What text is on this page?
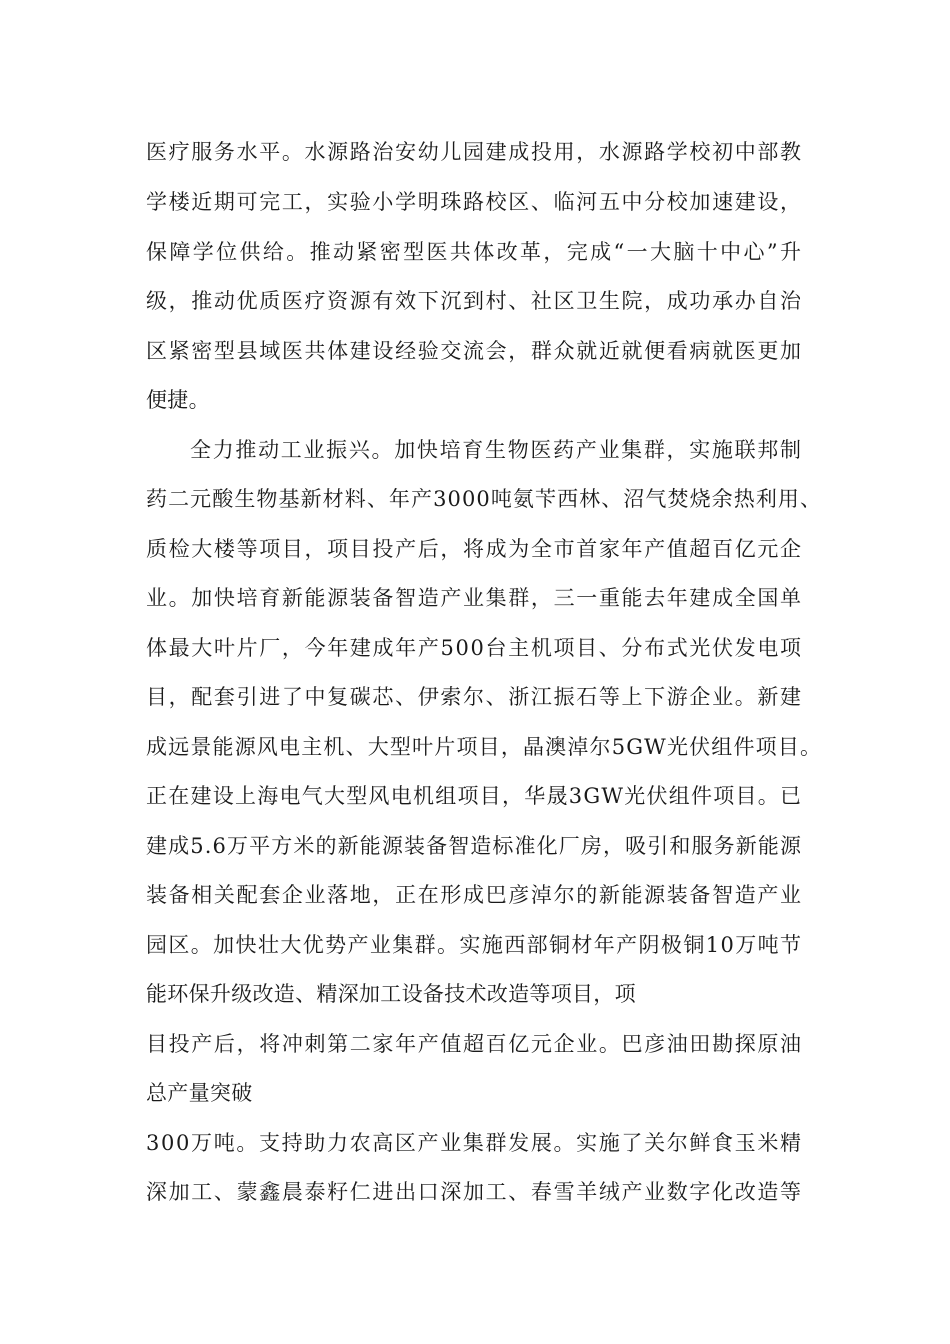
医疗服务水平。水源路治安幼儿园建成投用，水源路学校初中部教
学楼近期可完工，实验小学明珠路校区、临河五中分校加速建设，
保障学位供给。推动紧密型医共体改革，完成“一大脑十中心”升
级，推动优质医疗资源有效下沉到村、社区卫生院，成功承办自治
区紧密型县域医共体建设经验交流会，群众就近就便看病就医更加
便捷。
全力推动工业振兴。加快培育生物医药产业集群，实施联邦制
药二元酸生物基新材料、年产3000吨氨苄西林、沼气焚烧余热利用、
质检大楼等项目，项目投产后，将成为全市首家年产值超百亿元企
业。加快培育新能源装备智造产业集群，三一重能去年建成全国单
体最大叶片厂，今年建成年产500台主机项目、分布式光伏发电项
目，配套引进了中复碳芯、伊索尔、浙江振石等上下游企业。新建
成远景能源风电主机、大型叶片项目，晶澳淖尔5GW光伏组件项目。
正在建设上海电气大型风电机组项目，华晟3GW光伏组件项目。已
建成5.6万平方米的新能源装备智造标准化厂房，吸引和服务新能源
装备相关配套企业落地，正在形成巴彦淖尔的新能源装备智造产业
园区。加快壮大优势产业集群。实施西部铜材年产阴极铜10万吨节
能环保升级改造、精深加工设备技术改造等项目，项
目投产后，将冲刺第二家年产值超百亿元企业。巴彦油田勘探原油
总产量突破
300万吨。支持助力农高区产业集群发展。实施了关尔鲜食玉米精
深加工、蒙鑫晨泰籽仁进出口深加工、春雪羊绒产业数字化改造等
